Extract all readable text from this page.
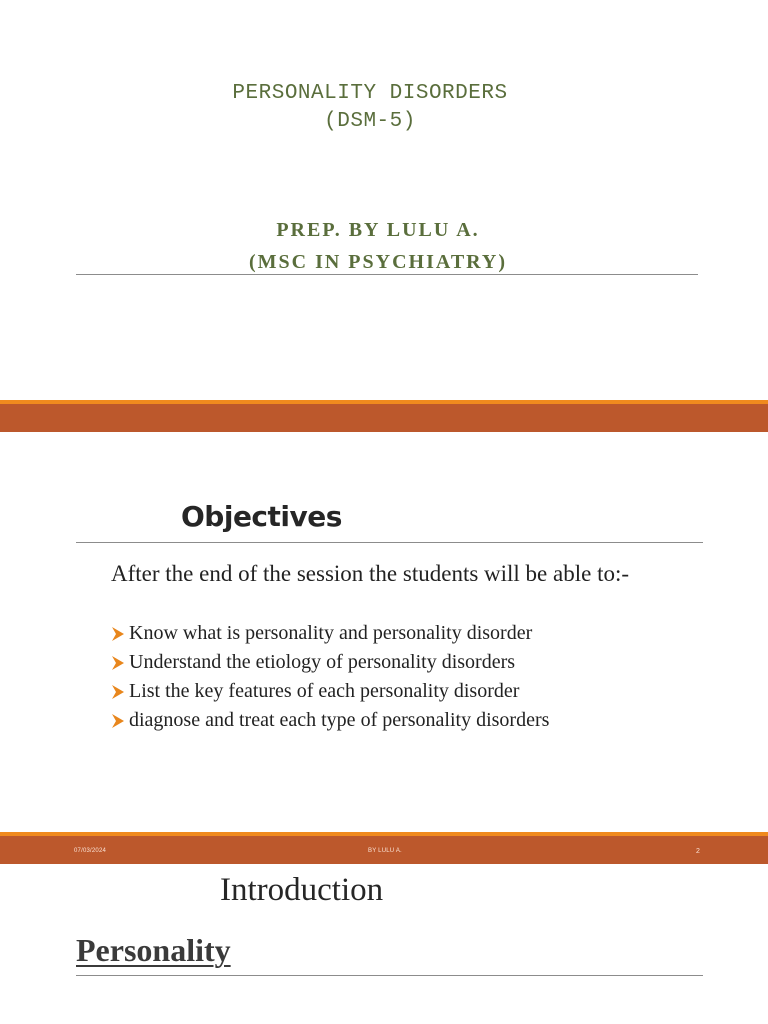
PERSONALITY DISORDERS
(DSM-5)
PREP. BY LULU A.
(MSC IN PSYCHIATRY)
Objectives
After the end of the session the students will be able to:-
Know what is personality and personality disorder
Understand the etiology of personality disorders
List the key features of each personality disorder
diagnose and treat each type of personality disorders
07/03/2024	BY LULU A.	2
Introduction
Personality
